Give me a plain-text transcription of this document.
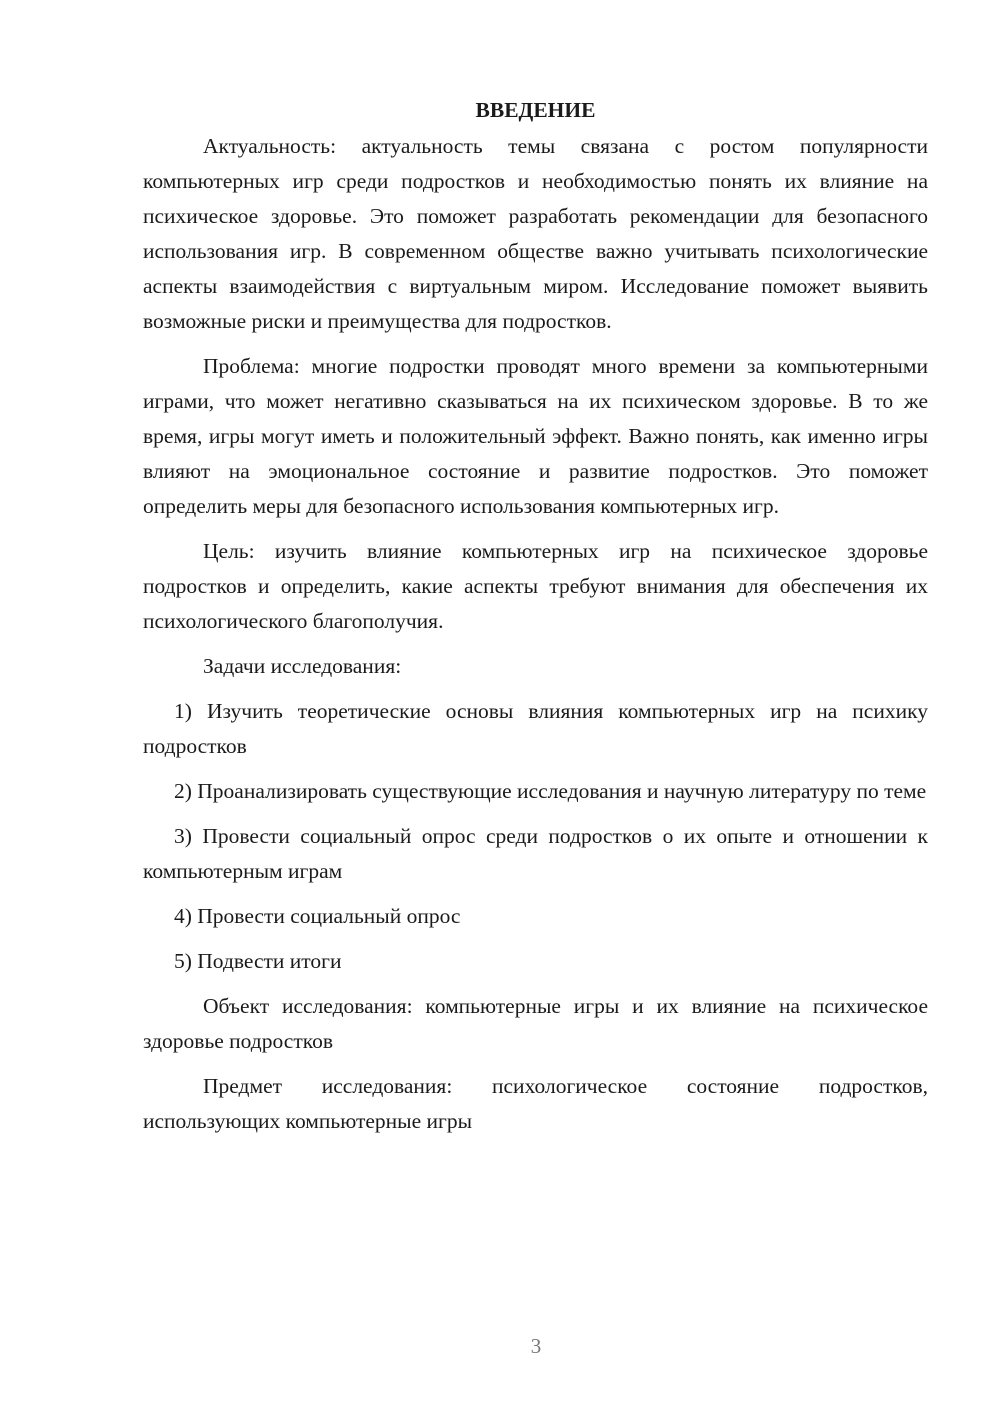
ВВЕДЕНИЕ

Актуальность: актуальность темы связана с ростом популярности компьютерных игр среди подростков и необходимостью понять их влияние на психическое здоровье. Это поможет разработать рекомендации для безопасного использования игр. В современном обществе важно учитывать психологические аспекты взаимодействия с виртуальным миром. Исследование поможет выявить возможные риски и преимущества для подростков.

Проблема: многие подростки проводят много времени за компьютерными играми, что может негативно сказываться на их психическом здоровье. В то же время, игры могут иметь и положительный эффект. Важно понять, как именно игры влияют на эмоциональное состояние и развитие подростков. Это поможет определить меры для безопасного использования компьютерных игр.

Цель: изучить влияние компьютерных игр на психическое здоровье подростков и определить, какие аспекты требуют внимания для обеспечения их психологического благополучия.

Задачи исследования:

1) Изучить теоретические основы влияния компьютерных игр на психику подростков

2) Проанализировать существующие исследования и научную литературу по теме

3) Провести социальный опрос среди подростков о их опыте и отношении к компьютерным играм

4) Провести социальный опрос

5) Подвести итоги

Объект исследования: компьютерные игры и их влияние на психическое здоровье подростков

Предмет исследования: психологическое состояние подростков, использующих компьютерные игры

3
